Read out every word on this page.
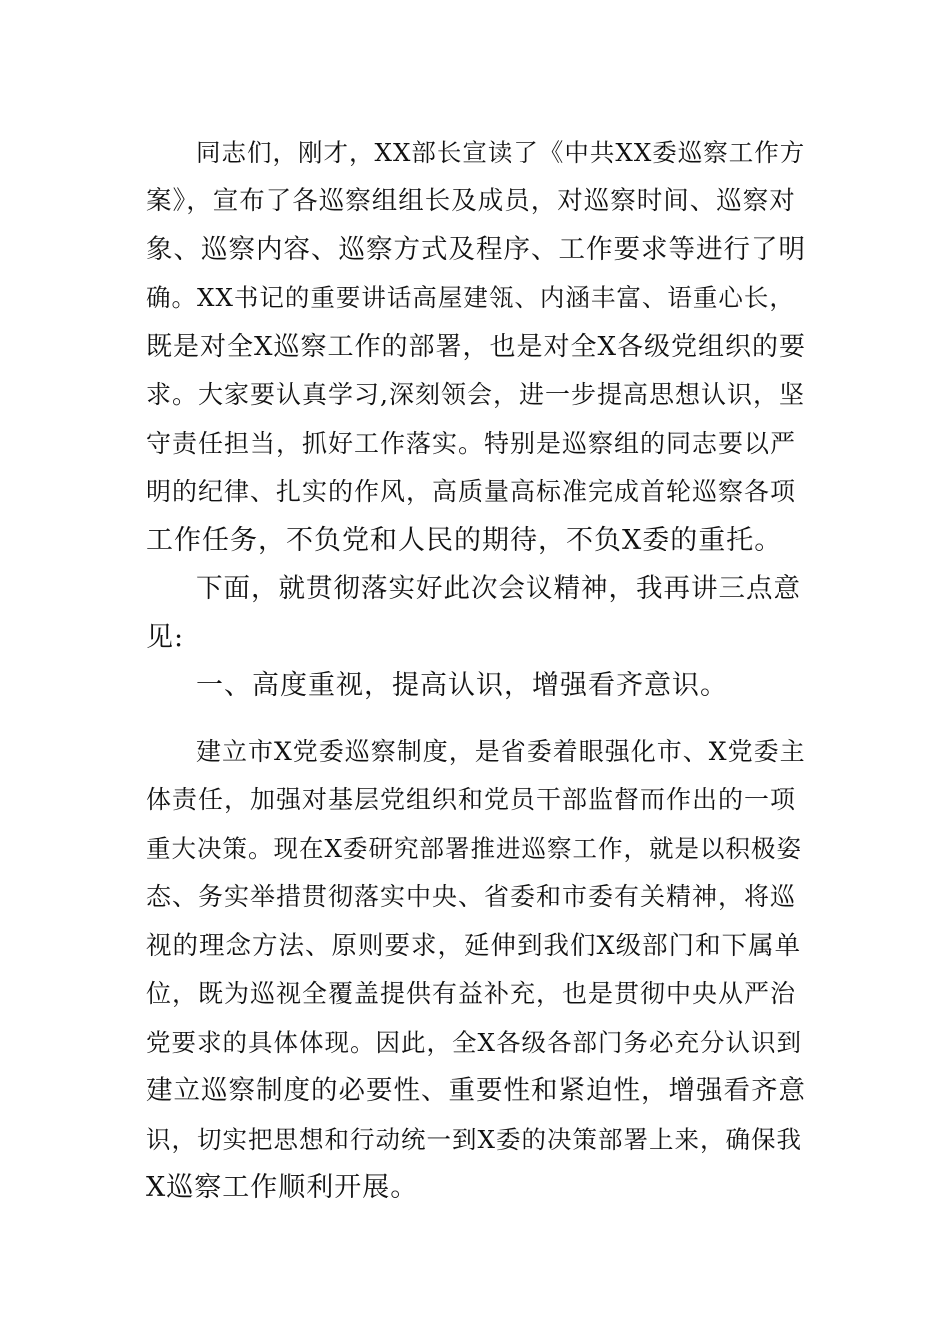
同志们，刚才，XX部长宣读了《中共XX委巡察工作方

案》，宣布了各巡察组组长及成员，对巡察时间、巡察对

象、巡察内容、巡察方式及程序、工作要求等进行了明

确。XX书记的重要讲话高屋建瓴、内涵丰富、语重心长，

既是对全X巡察工作的部署，也是对全X各级党组织的要

求。大家要认真学习,深刻领会，进一步提高思想认识，坚

守责任担当，抓好工作落实。特别是巡察组的同志要以严

明的纪律、扎实的作风，高质量高标准完成首轮巡察各项

工作任务，不负党和人民的期待，不负X委的重托。

下面，就贯彻落实好此次会议精神，我再讲三点意

见:

一、高度重视，提高认识，增强看齐意识。

建立市X党委巡察制度，是省委着眼强化市、X党委主

体责任，加强对基层党组织和党员干部监督而作出的一项

重大决策。现在X委研究部署推进巡察工作，就是以积极姿

态、务实举措贯彻落实中央、省委和市委有关精神，将巡

视的理念方法、原则要求，延伸到我们X级部门和下属单

位，既为巡视全覆盖提供有益补充，也是贯彻中央从严治

党要求的具体体现。因此，全X各级各部门务必充分认识到

建立巡察制度的必要性、重要性和紧迫性，增强看齐意

识，切实把思想和行动统一到X委的决策部署上来，确保我

X巡察工作顺利开展。
